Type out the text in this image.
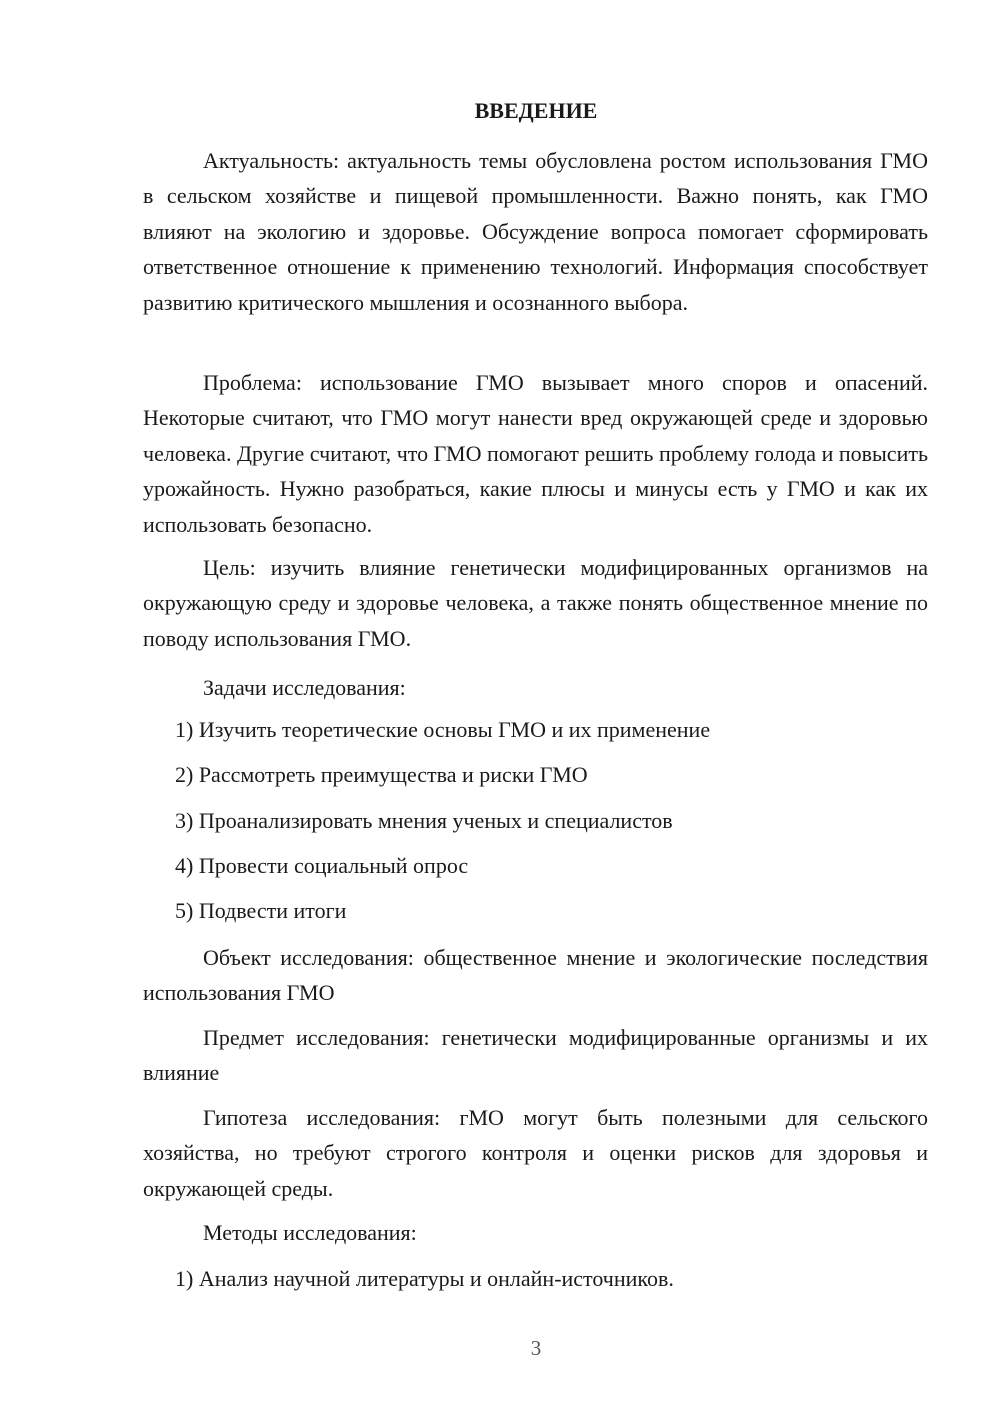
ВВЕДЕНИЕ

Актуальность: актуальность темы обусловлена ростом использования ГМО в сельском хозяйстве и пищевой промышленности. Важно понять, как ГМО влияют на экологию и здоровье. Обсуждение вопроса помогает сформировать ответственное отношение к применению технологий. Информация способствует развитию критического мышления и осознанного выбора.

Проблема: использование ГМО вызывает много споров и опасений. Некоторые считают, что ГМО могут нанести вред окружающей среде и здоровью человека. Другие считают, что ГМО помогают решить проблему голода и повысить урожайность. Нужно разобраться, какие плюсы и минусы есть у ГМО и как их использовать безопасно.

Цель: изучить влияние генетически модифицированных организмов на окружающую среду и здоровье человека, а также понять общественное мнение по поводу использования ГМО.

Задачи исследования:

1) Изучить теоретические основы ГМО и их применение

2) Рассмотреть преимущества и риски ГМО

3) Проанализировать мнения ученых и специалистов

4) Провести социальный опрос

5) Подвести итоги

Объект исследования: общественное мнение и экологические последствия использования ГМО

Предмет исследования: генетически модифицированные организмы и их влияние

Гипотеза исследования: гМО могут быть полезными для сельского хозяйства, но требуют строгого контроля и оценки рисков для здоровья и окружающей среды.

Методы исследования:

1) Анализ научной литературы и онлайн-источников.

3
